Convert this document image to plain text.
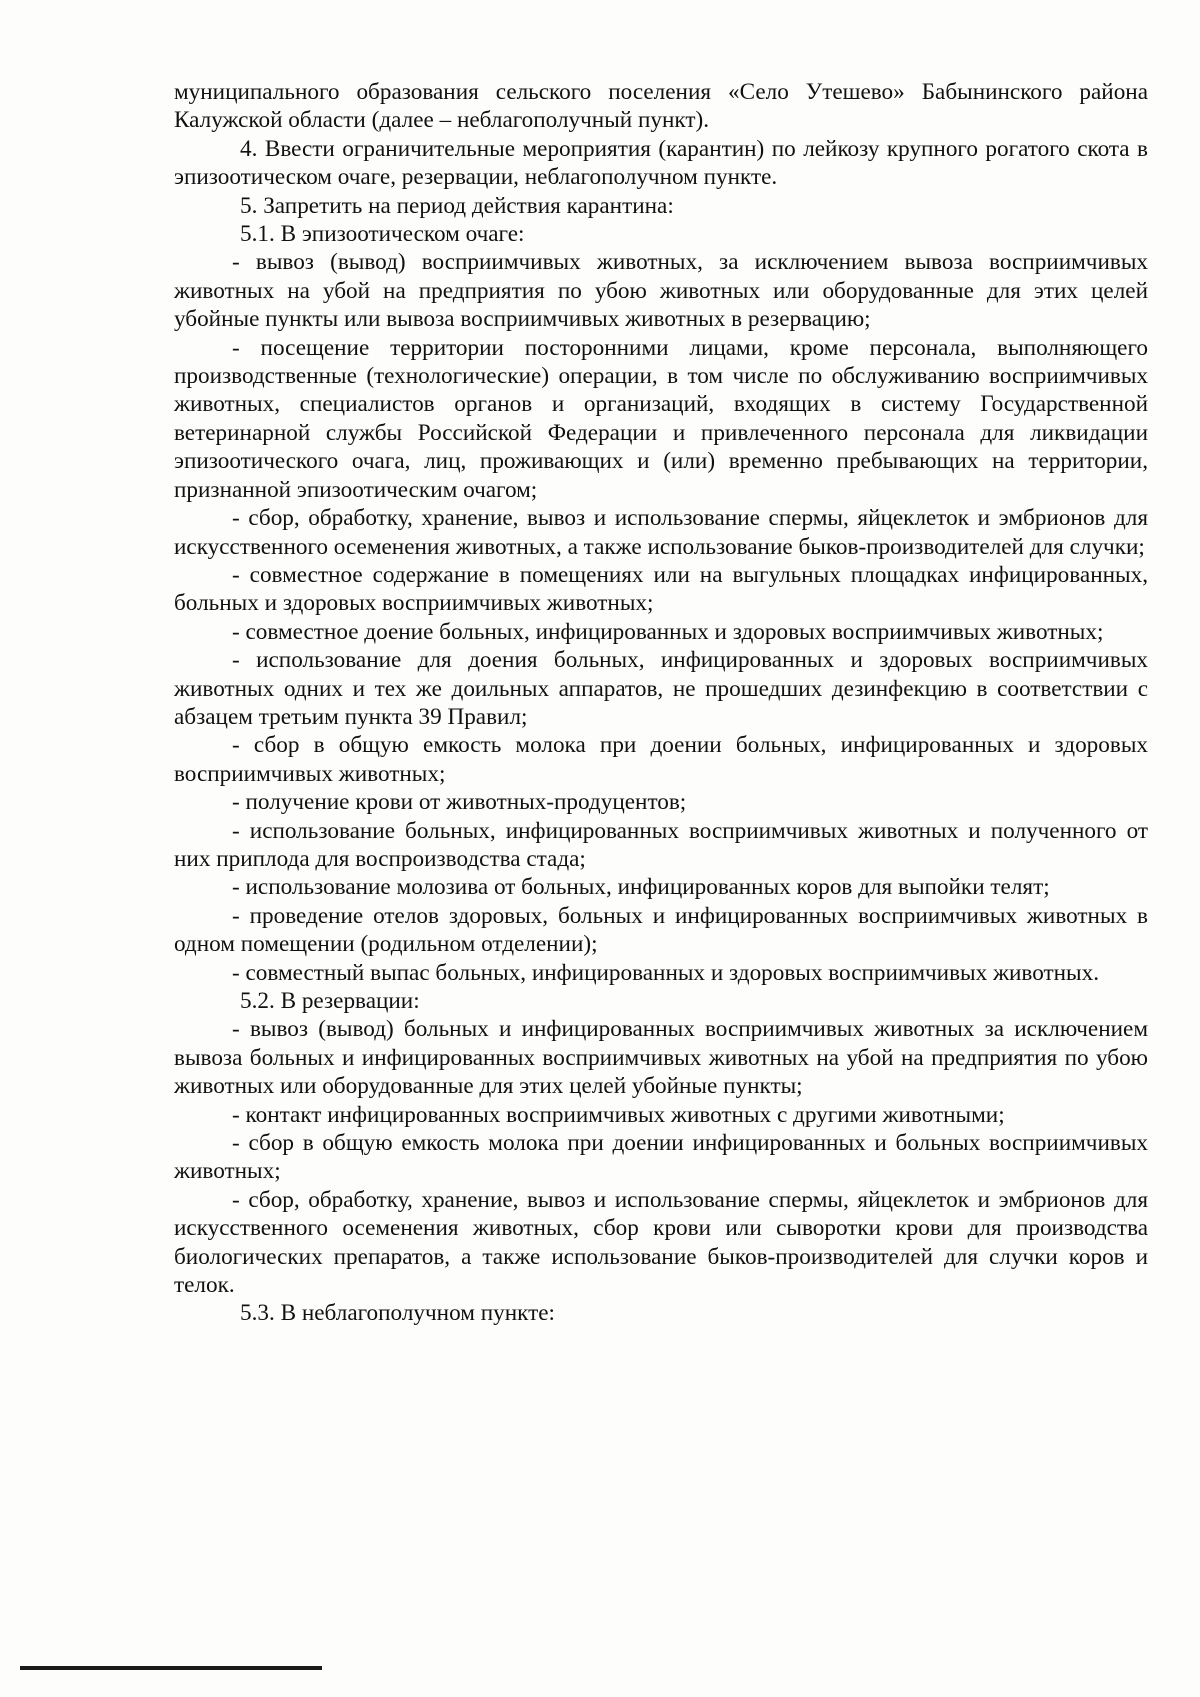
муниципального образования сельского поселения «Село Утешево» Бабынинского района Калужской области (далее – неблагополучный пункт).

4. Ввести ограничительные мероприятия (карантин) по лейкозу крупного рогатого скота в эпизоотическом очаге, резервации, неблагополучном пункте.

5. Запретить на период действия карантина:

5.1. В эпизоотическом очаге:

- вывоз (вывод) восприимчивых животных, за исключением вывоза восприимчивых животных на убой на предприятия по убою животных или оборудованные для этих целей убойные пункты или вывоза восприимчивых животных в резервацию;

- посещение территории посторонними лицами, кроме персонала, выполняющего производственные (технологические) операции, в том числе по обслуживанию восприимчивых животных, специалистов органов и организаций, входящих в систему Государственной ветеринарной службы Российской Федерации и привлеченного персонала для ликвидации эпизоотического очага, лиц, проживающих и (или) временно пребывающих на территории, признанной эпизоотическим очагом;

- сбор, обработку, хранение, вывоз и использование спермы, яйцеклеток и эмбрионов для искусственного осеменения животных, а также использование быков-производителей для случки;

- совместное содержание в помещениях или на выгульных площадках инфицированных, больных и здоровых восприимчивых животных;

- совместное доение больных, инфицированных и здоровых восприимчивых животных;

- использование для доения больных, инфицированных и здоровых восприимчивых животных одних и тех же доильных аппаратов, не прошедших дезинфекцию в соответствии с абзацем третьим пункта 39 Правил;

- сбор в общую емкость молока при доении больных, инфицированных и здоровых восприимчивых животных;

- получение крови от животных-продуцентов;

- использование больных, инфицированных восприимчивых животных и полученного от них приплода для воспроизводства стада;

- использование молозива от больных, инфицированных коров для выпойки телят;

- проведение отелов здоровых, больных и инфицированных восприимчивых животных в одном помещении (родильном отделении);

- совместный выпас больных, инфицированных и здоровых восприимчивых животных.

5.2. В резервации:

- вывоз (вывод) больных и инфицированных восприимчивых животных за исключением вывоза больных и инфицированных восприимчивых животных на убой на предприятия по убою животных или оборудованные для этих целей убойные пункты;

- контакт инфицированных восприимчивых животных с другими животными;

- сбор в общую емкость молока при доении инфицированных и больных восприимчивых животных;

- сбор, обработку, хранение, вывоз и использование спермы, яйцеклеток и эмбрионов для искусственного осеменения животных, сбор крови или сыворотки крови для производства биологических препаратов, а также использование быков-производителей для случки коров и телок.

5.3. В неблагополучном пункте:
